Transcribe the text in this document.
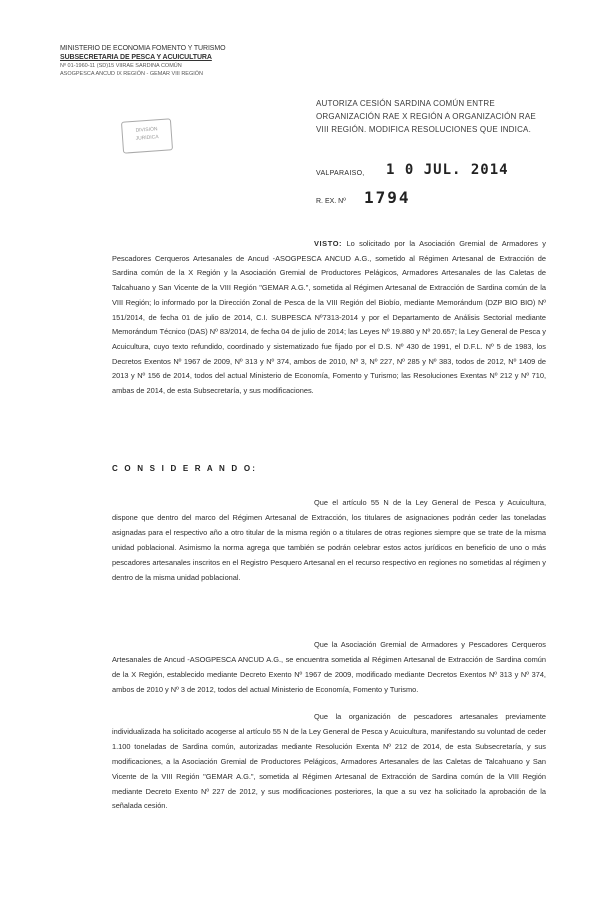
MINISTERIO DE ECONOMIA FOMENTO Y TURISMO
SUBSECRETARIA DE PESCA Y ACUICULTURA
Nº 01-1960-11 (SD)15 VIIRAE SARDINA COMÚN
ASOGPESCA ANCUD IX REGIÓN - GEMAR VIII REGIÓN
DIVISIÓN
JURÍDICA
AUTORIZA CESIÓN SARDINA COMÚN ENTRE ORGANIZACIÓN RAE X REGIÓN A ORGANIZACIÓN RAE VIII REGIÓN. MODIFICA RESOLUCIONES QUE INDICA.
VALPARAISO, 1 0 JUL. 2014
R. EX. Nº 1794
VISTO: Lo solicitado por la Asociación Gremial de Armadores y Pescadores Cerqueros Artesanales de Ancud -ASOGPESCA ANCUD A.G., sometido al Régimen Artesanal de Extracción de Sardina común de la X Región y la Asociación Gremial de Productores Pelágicos, Armadores Artesanales de las Caletas de Talcahuano y San Vicente de la VIII Región "GEMAR A.G.", sometida al Régimen Artesanal de Extracción de Sardina común de la VIII Región; lo informado por la Dirección Zonal de Pesca de la VIII Región del Biobío, mediante Memorándum (DZP BIO BIO) Nº 151/2014, de fecha 01 de julio de 2014, C.I. SUBPESCA Nº7313-2014 y por el Departamento de Análisis Sectorial mediante Memorándum Técnico (DAS) Nº 83/2014, de fecha 04 de julio de 2014; las Leyes Nº 19.880 y Nº 20.657; la Ley General de Pesca y Acuicultura, cuyo texto refundido, coordinado y sistematizado fue fijado por el D.S. Nº 430 de 1991, el D.F.L. Nº 5 de 1983, los Decretos Exentos Nº 1967 de 2009, Nº 313 y Nº 374, ambos de 2010, Nº 3, Nº 227, Nº 285 y Nº 383, todos de 2012, Nº 1409 de 2013 y Nº 156 de 2014, todos del actual Ministerio de Economía, Fomento y Turismo; las Resoluciones Exentas Nº 212 y Nº 710, ambas de 2014, de esta Subsecretaría, y sus modificaciones.
C O N S I D E R A N D O:
Que el artículo 55 N de la Ley General de Pesca y Acuicultura, dispone que dentro del marco del Régimen Artesanal de Extracción, los titulares de asignaciones podrán ceder las toneladas asignadas para el respectivo año a otro titular de la misma región o a titulares de otras regiones siempre que se trate de la misma unidad poblacional. Asimismo la norma agrega que también se podrán celebrar estos actos jurídicos en beneficio de uno o más pescadores artesanales inscritos en el Registro Pesquero Artesanal en el recurso respectivo en regiones no sometidas al régimen y dentro de la misma unidad poblacional.
Que la Asociación Gremial de Armadores y Pescadores Cerqueros Artesanales de Ancud -ASOGPESCA ANCUD A.G., se encuentra sometida al Régimen Artesanal de Extracción de Sardina común de la X Región, establecido mediante Decreto Exento Nº 1967 de 2009, modificado mediante Decretos Exentos Nº 313 y Nº 374, ambos de 2010 y Nº 3 de 2012, todos del actual Ministerio de Economía, Fomento y Turismo.
Que la organización de pescadores artesanales previamente individualizada ha solicitado acogerse al artículo 55 N de la Ley General de Pesca y Acuicultura, manifestando su voluntad de ceder 1.100 toneladas de Sardina común, autorizadas mediante Resolución Exenta Nº 212 de 2014, de esta Subsecretaría, y sus modificaciones, a la Asociación Gremial de Productores Pelágicos, Armadores Artesanales de las Caletas de Talcahuano y San Vicente de la VIII Región "GEMAR A.G.", sometida al Régimen Artesanal de Extracción de Sardina común de la VIII Región mediante Decreto Exento Nº 227 de 2012, y sus modificaciones posteriores, la que a su vez ha solicitado la aprobación de la señalada cesión.
